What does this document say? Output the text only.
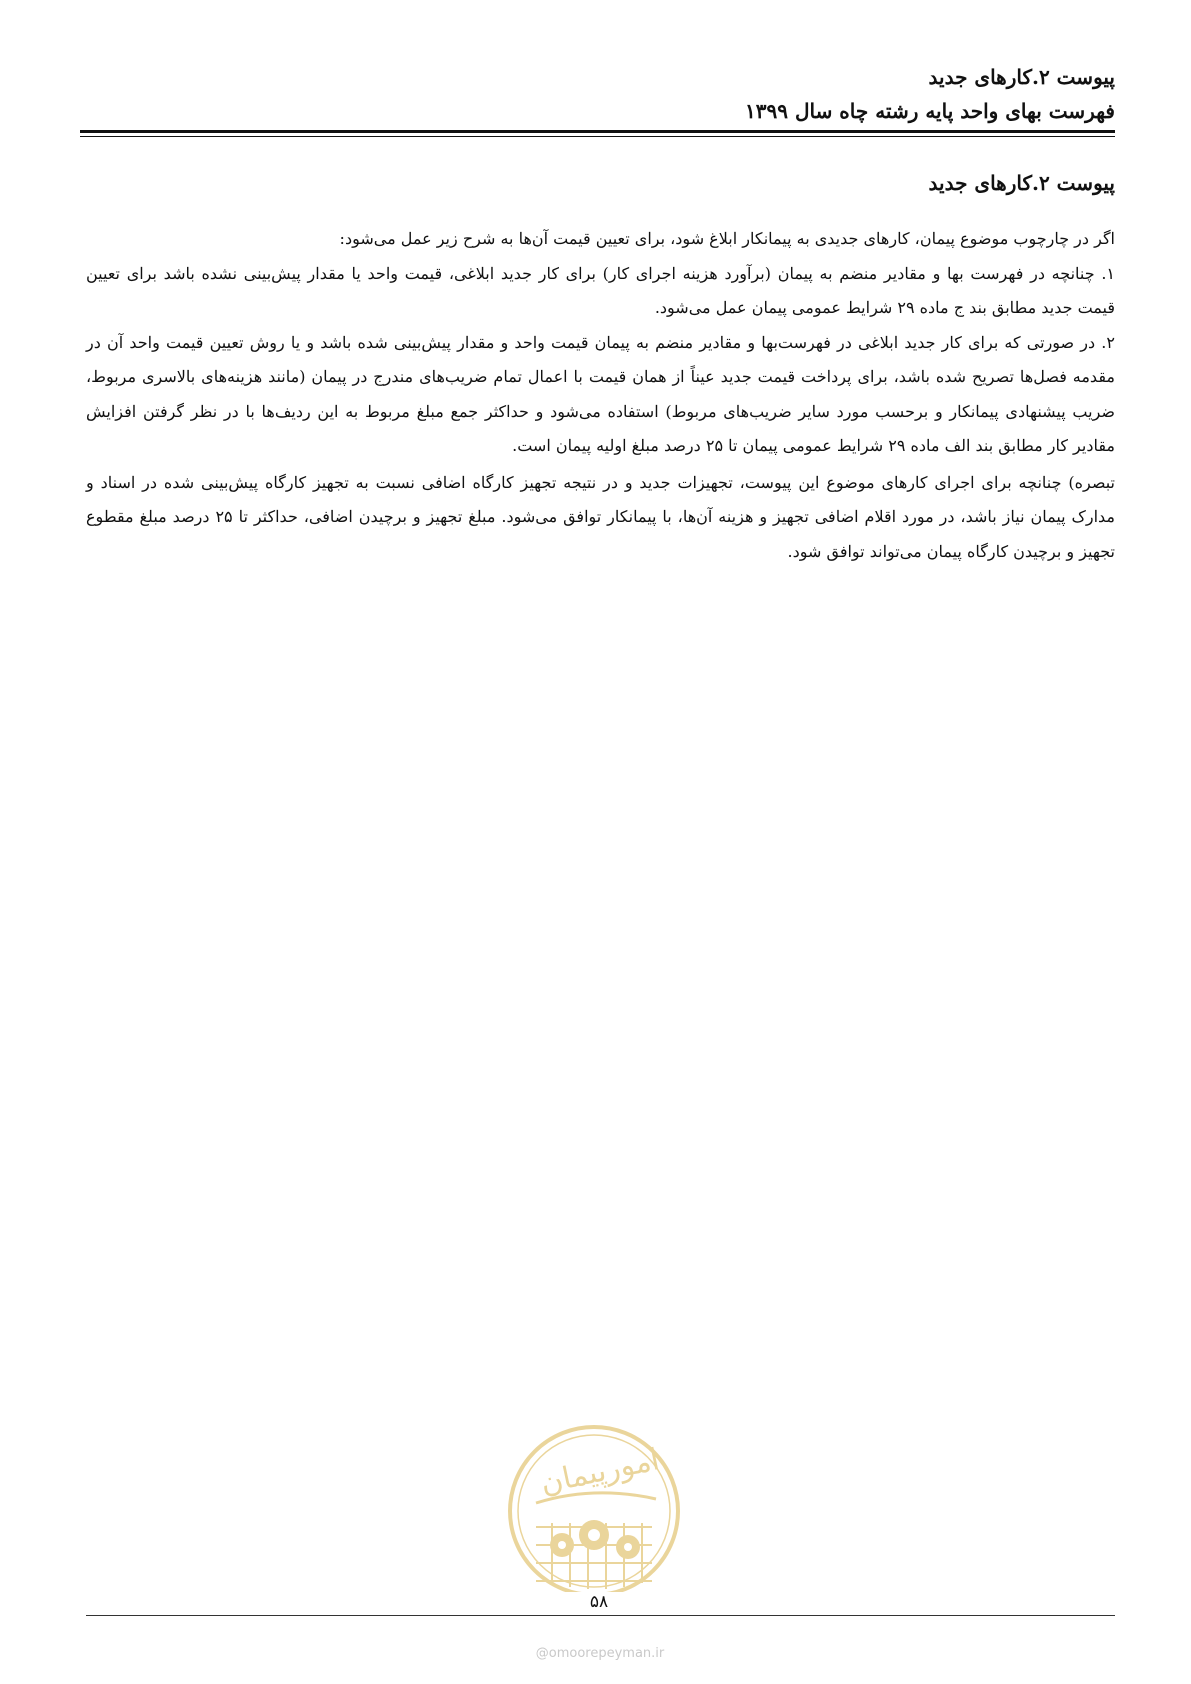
پیوست ۲.کارهای جدید
فهرست بهای واحد پایه رشته چاه سال ۱۳۹۹
پیوست ۲.کارهای جدید

اگر در چارچوب موضوع پیمان، کارهای جدیدی به پیمانکار ابلاغ شود، برای تعیین قیمت آن‌ها به شرح زیر عمل می‌شود:

۱. چنانچه در فهرست بها و مقادیر منضم به پیمان (برآورد هزینه اجرای کار) برای کار جدید ابلاغی، قیمت واحد یا مقدار پیش‌بینی نشده باشد برای تعیین قیمت جدید مطابق بند ج ماده ۲۹ شرایط عمومی پیمان عمل می‌شود.

۲. در صورتی که برای کار جدید ابلاغی در فهرست‌بها و مقادیر منضم به پیمان قیمت واحد و مقدار پیش‌بینی شده باشد و یا روش تعیین قیمت واحد آن در مقدمه فصل‌ها تصریح شده باشد، برای پرداخت قیمت جدید عیناً از همان قیمت با اعمال تمام ضریب‌های مندرج در پیمان (مانند هزینه‌های بالاسری مربوط، ضریب پیشنهادی پیمانکار و برحسب مورد سایر ضریب‌های مربوط) استفاده می‌شود و حداکثر جمع مبلغ مربوط به این ردیف‌ها با در نظر گرفتن افزایش مقادیر کار مطابق بند الف ماده ۲۹ شرایط عمومی پیمان تا ۲۵ درصد مبلغ اولیه پیمان است.

تبصره) چنانچه برای اجرای کارهای موضوع این پیوست، تجهیزات جدید و در نتیجه تجهیز کارگاه اضافی نسبت به تجهیز کارگاه پیش‌بینی شده در اسناد و مدارک پیمان نیاز باشد، در مورد اقلام اضافی تجهیز و هزینه آن‌ها، با پیمانکار توافق می‌شود. مبلغ تجهیز و برچیدن اضافی، حداکثر تا ۲۵ درصد مبلغ مقطوع تجهیز و برچیدن کارگاه پیمان می‌تواند توافق شود.

امورپیمان
۵۸
@omoorepeyman.ir
